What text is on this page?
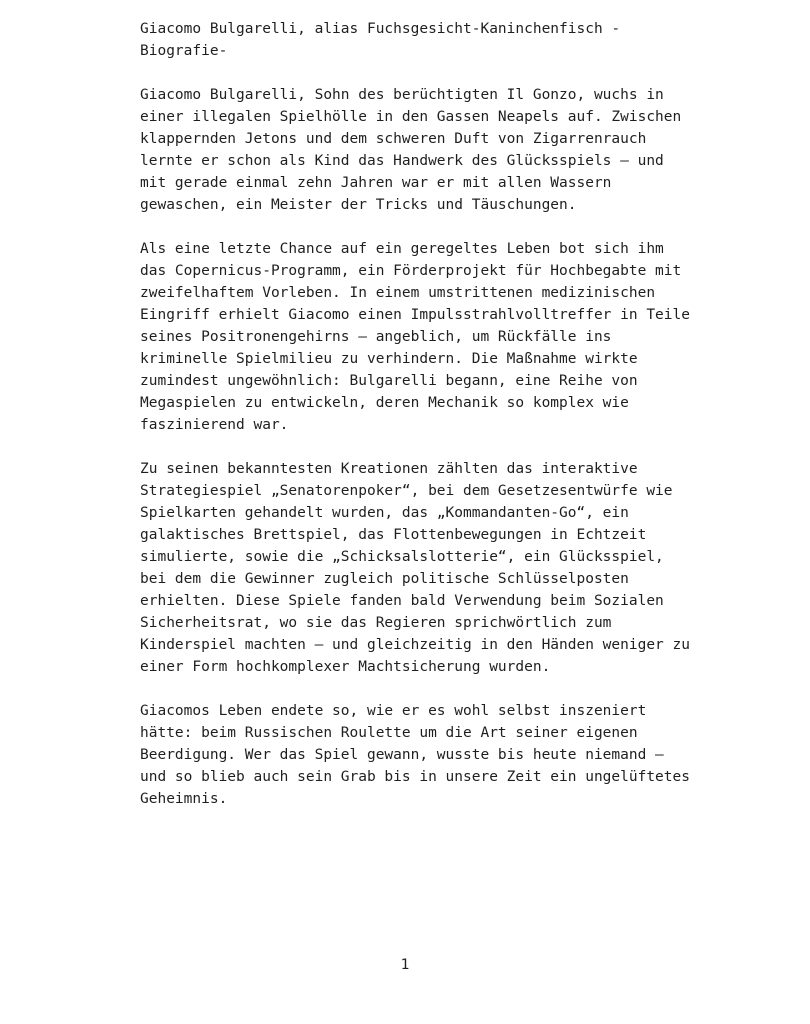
Giacomo Bulgarelli, alias Fuchsgesicht-Kaninchenfisch -
Biografie-

Giacomo Bulgarelli, Sohn des berüchtigten Il Gonzo, wuchs in
einer illegalen Spielhölle in den Gassen Neapels auf. Zwischen
klappernden Jetons und dem schweren Duft von Zigarrenrauch
lernte er schon als Kind das Handwerk des Glücksspiels – und
mit gerade einmal zehn Jahren war er mit allen Wassern
gewaschen, ein Meister der Tricks und Täuschungen.

Als eine letzte Chance auf ein geregeltes Leben bot sich ihm
das Copernicus-Programm, ein Förderprojekt für Hochbegabte mit
zweifelhaftem Vorleben. In einem umstrittenen medizinischen
Eingriff erhielt Giacomo einen Impulsstrahlvolltreffer in Teile
seines Positronengehirns – angeblich, um Rückfälle ins
kriminelle Spielmilieu zu verhindern. Die Maßnahme wirkte
zumindest ungewöhnlich: Bulgarelli begann, eine Reihe von
Megaspielen zu entwickeln, deren Mechanik so komplex wie
faszinierend war.

Zu seinen bekanntesten Kreationen zählten das interaktive
Strategiespiel „Senatorenpoker“, bei dem Gesetzesentwürfe wie
Spielkarten gehandelt wurden, das „Kommandanten-Go“, ein
galaktisches Brettspiel, das Flottenbewegungen in Echtzeit
simulierte, sowie die „Schicksalslotterie“, ein Glücksspiel,
bei dem die Gewinner zugleich politische Schlüsselposten
erhielten. Diese Spiele fanden bald Verwendung beim Sozialen
Sicherheitsrat, wo sie das Regieren sprichwörtlich zum
Kinderspiel machten – und gleichzeitig in den Händen weniger zu
einer Form hochkomplexer Machtsicherung wurden.

Giacomos Leben endete so, wie er es wohl selbst inszeniert
hätte: beim Russischen Roulette um die Art seiner eigenen
Beerdigung. Wer das Spiel gewann, wusste bis heute niemand –
und so blieb auch sein Grab bis in unsere Zeit ein ungelüftetes
Geheimnis.

1
